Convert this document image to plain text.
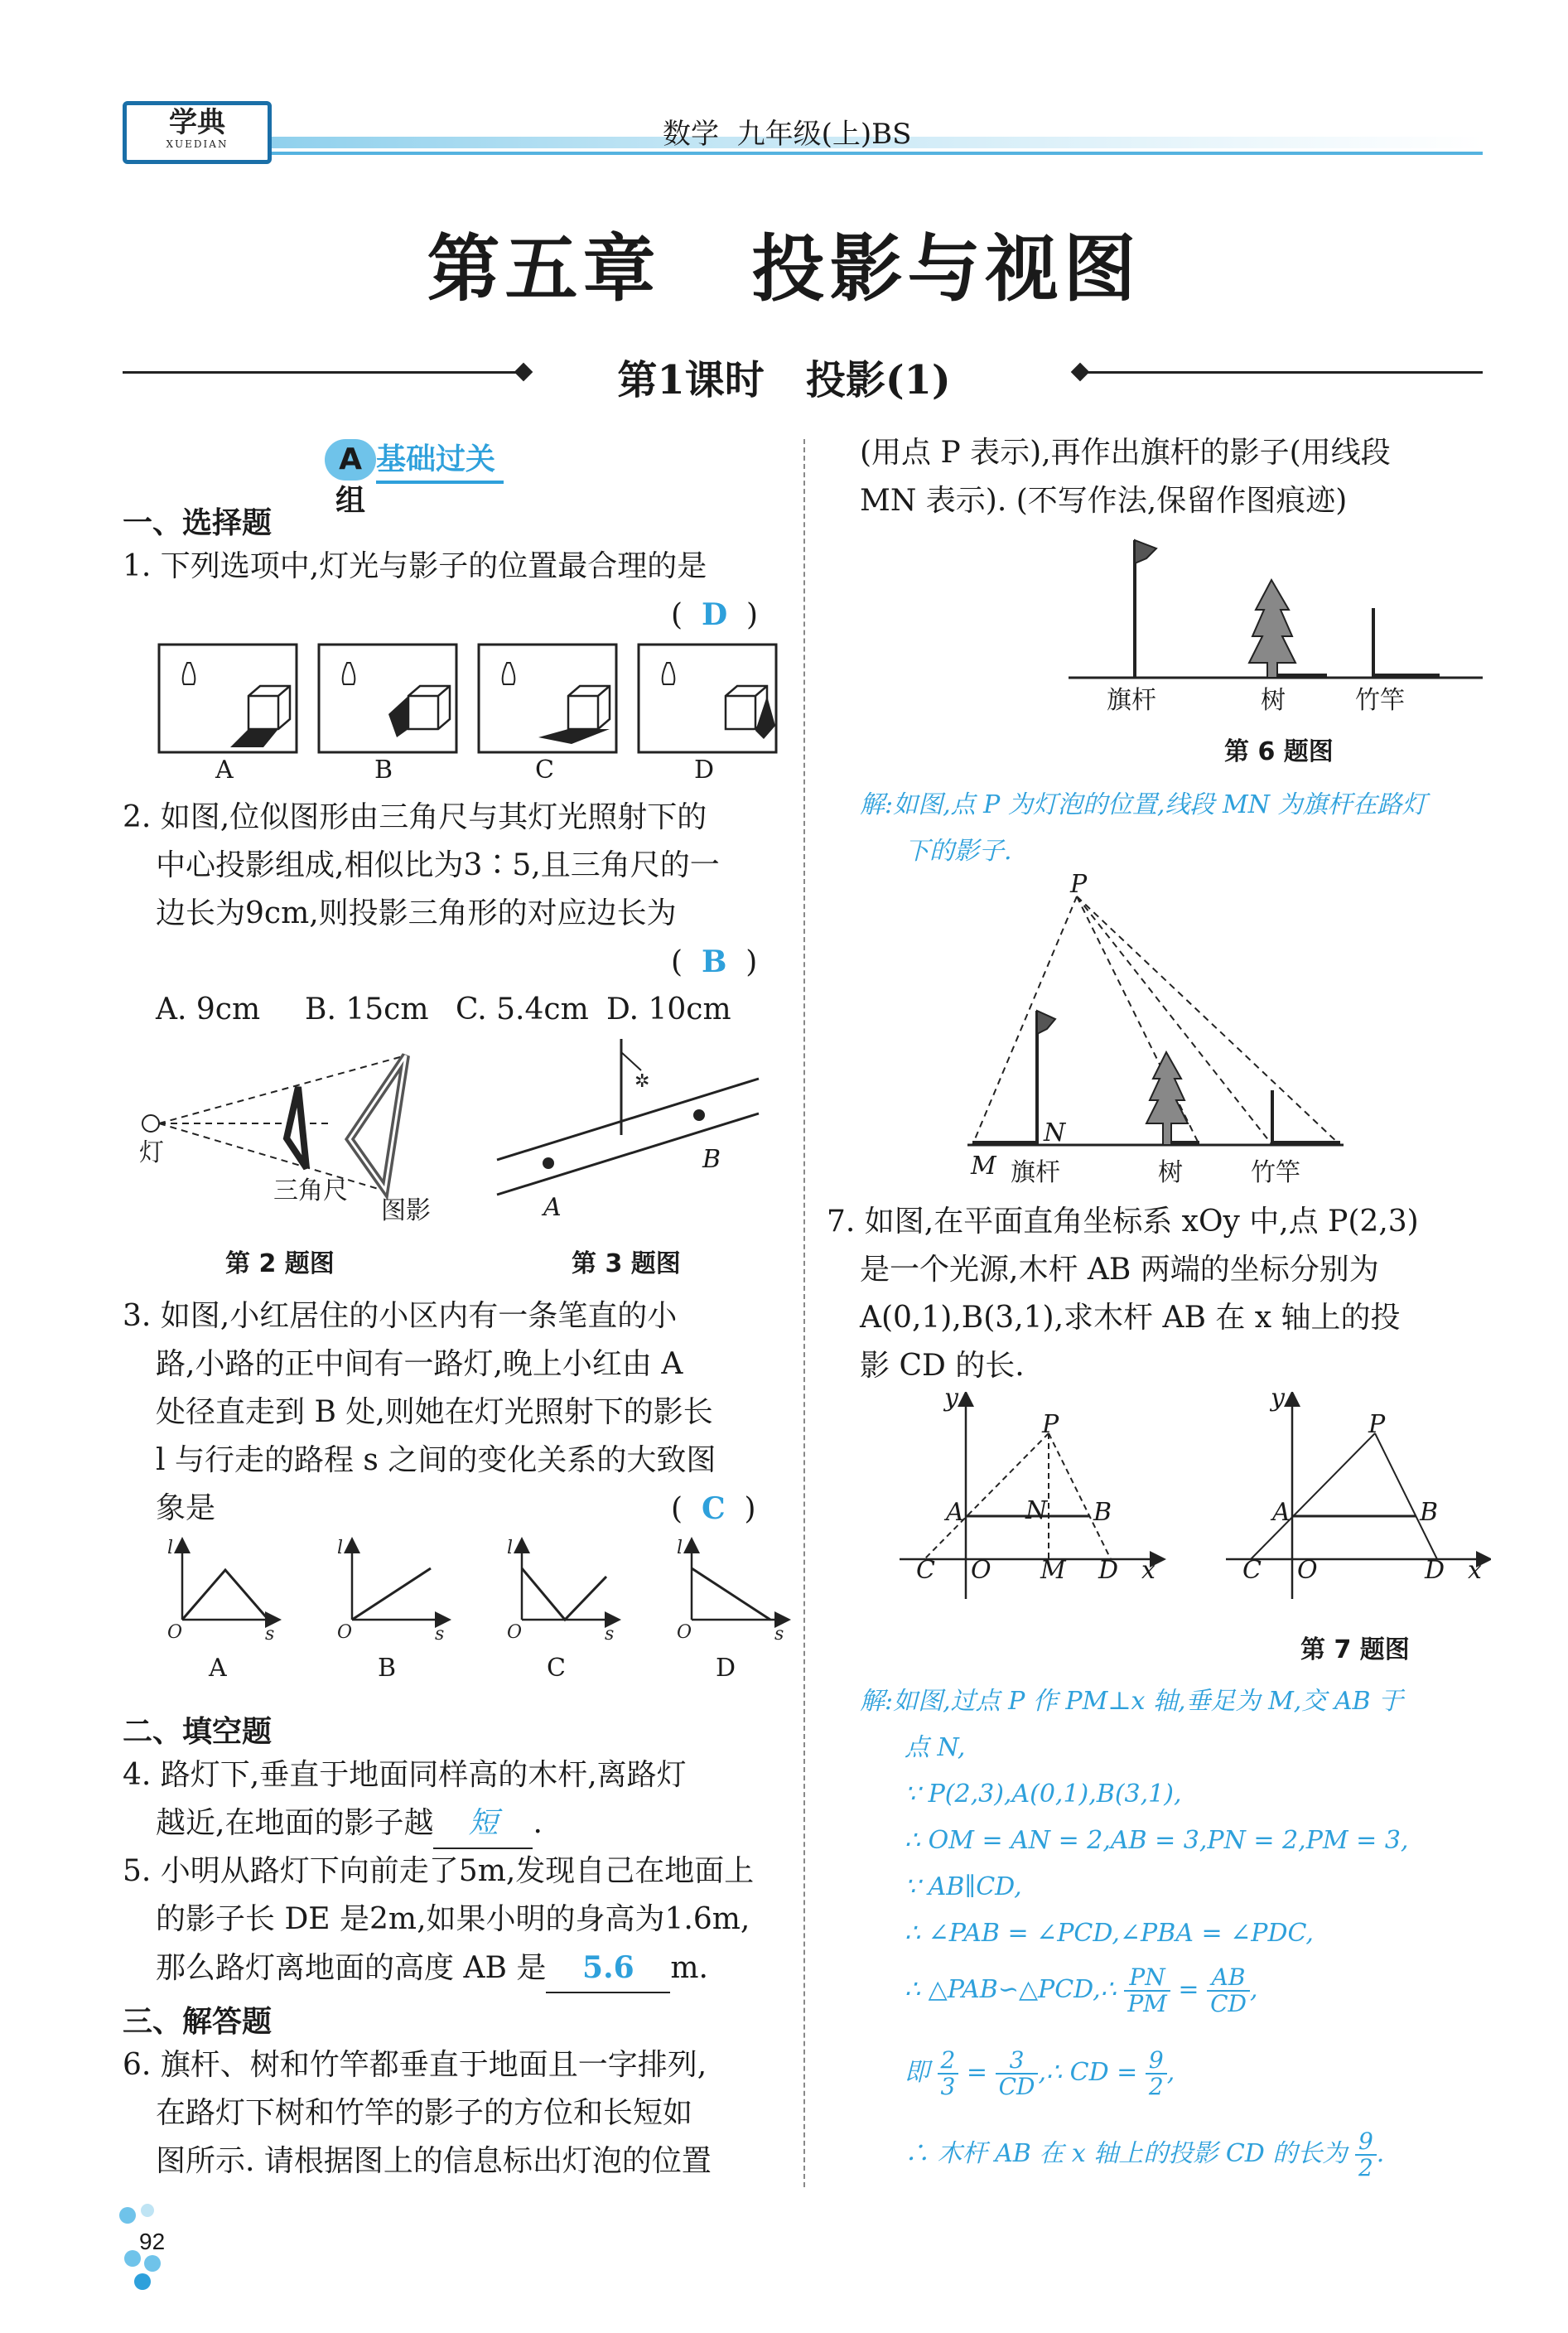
学典
XUEDIAN	数学  九年级(上)BS
第五章   投影与视图
第1课时   投影(1)
A组
基础过关
一、选择题
1. 下列选项中,灯光与影子的位置最合理的是
( D )
A	B	C	D
2. 如图,位似图形由三角尺与其灯光照射下的
中心投影组成,相似比为3∶5,且三角尺的一
边长为9cm,则投影三角形的对应边长为
( B )
A. 9cm B. 15cm C. 5.4cm D. 10cm
灯
三角尺
图影
第 2 题图
✲
A
B
第 3 题图
3. 如图,小红居住的小区内有一条笔直的小
路,小路的正中间有一路灯,晚上小红由 A
处径直走到 B 处,则她在灯光照射下的影长
l 与行走的路程 s 之间的变化关系的大致图
象是	( C )
l
O	s
l
O	s
l
O	s
l
O	s
A	B	C	D
二、填空题
4. 路灯下,垂直于地面同样高的木杆,离路灯
越近,在地面的影子越 短 .
5. 小明从路灯下向前走了5m,发现自己在地面上
的影子长 DE 是2m,如果小明的身高为1.6m,
那么路灯离地面的高度 AB 是 5.6 m.
三、解答题
6. 旗杆、树和竹竿都垂直于地面且一字排列,
在路灯下树和竹竿的影子的方位和长短如
图所示. 请根据图上的信息标出灯泡的位置
(用点 P 表示),再作出旗杆的影子(用线段
MN 表示). (不写作法,保留作图痕迹)
旗杆	树	竹竿
第 6 题图
解:如图,点 P 为灯泡的位置,线段 MN 为旗杆在路灯
下的影子.
P
N
M 旗杆	树	竹竿
7. 如图,在平面直角坐标系 xOy 中,点 P(2,3)
是一个光源,木杆 AB 两端的坐标分别为
A(0,1),B(3,1),求木杆 AB 在 x 轴上的投
影 CD 的长.
y
P
A N B
C O M D x
y
P
A	B
C O	D x
第 7 题图
解:如图,过点 P 作 PM⊥x 轴,垂足为 M,交 AB 于
点 N,
∵ P(2,3),A(0,1),B(3,1),
∴ OM = AN = 2,AB = 3,PN = 2,PM = 3,
∵ AB∥CD,
∴ ∠PAB = ∠PCD,∠PBA = ∠PDC,
∴ △PAB∽△PCD,∴ $\frac{PN}{PM} = \frac{AB}{CD}$ ,
即 $\frac{2}{3} = \frac{3}{CD}$ ,∴ CD = $\frac{9}{2}$ ,
∴ 木杆 AB 在 x 轴上的投影 CD 的长为 $\frac{9}{2}$ .
92
